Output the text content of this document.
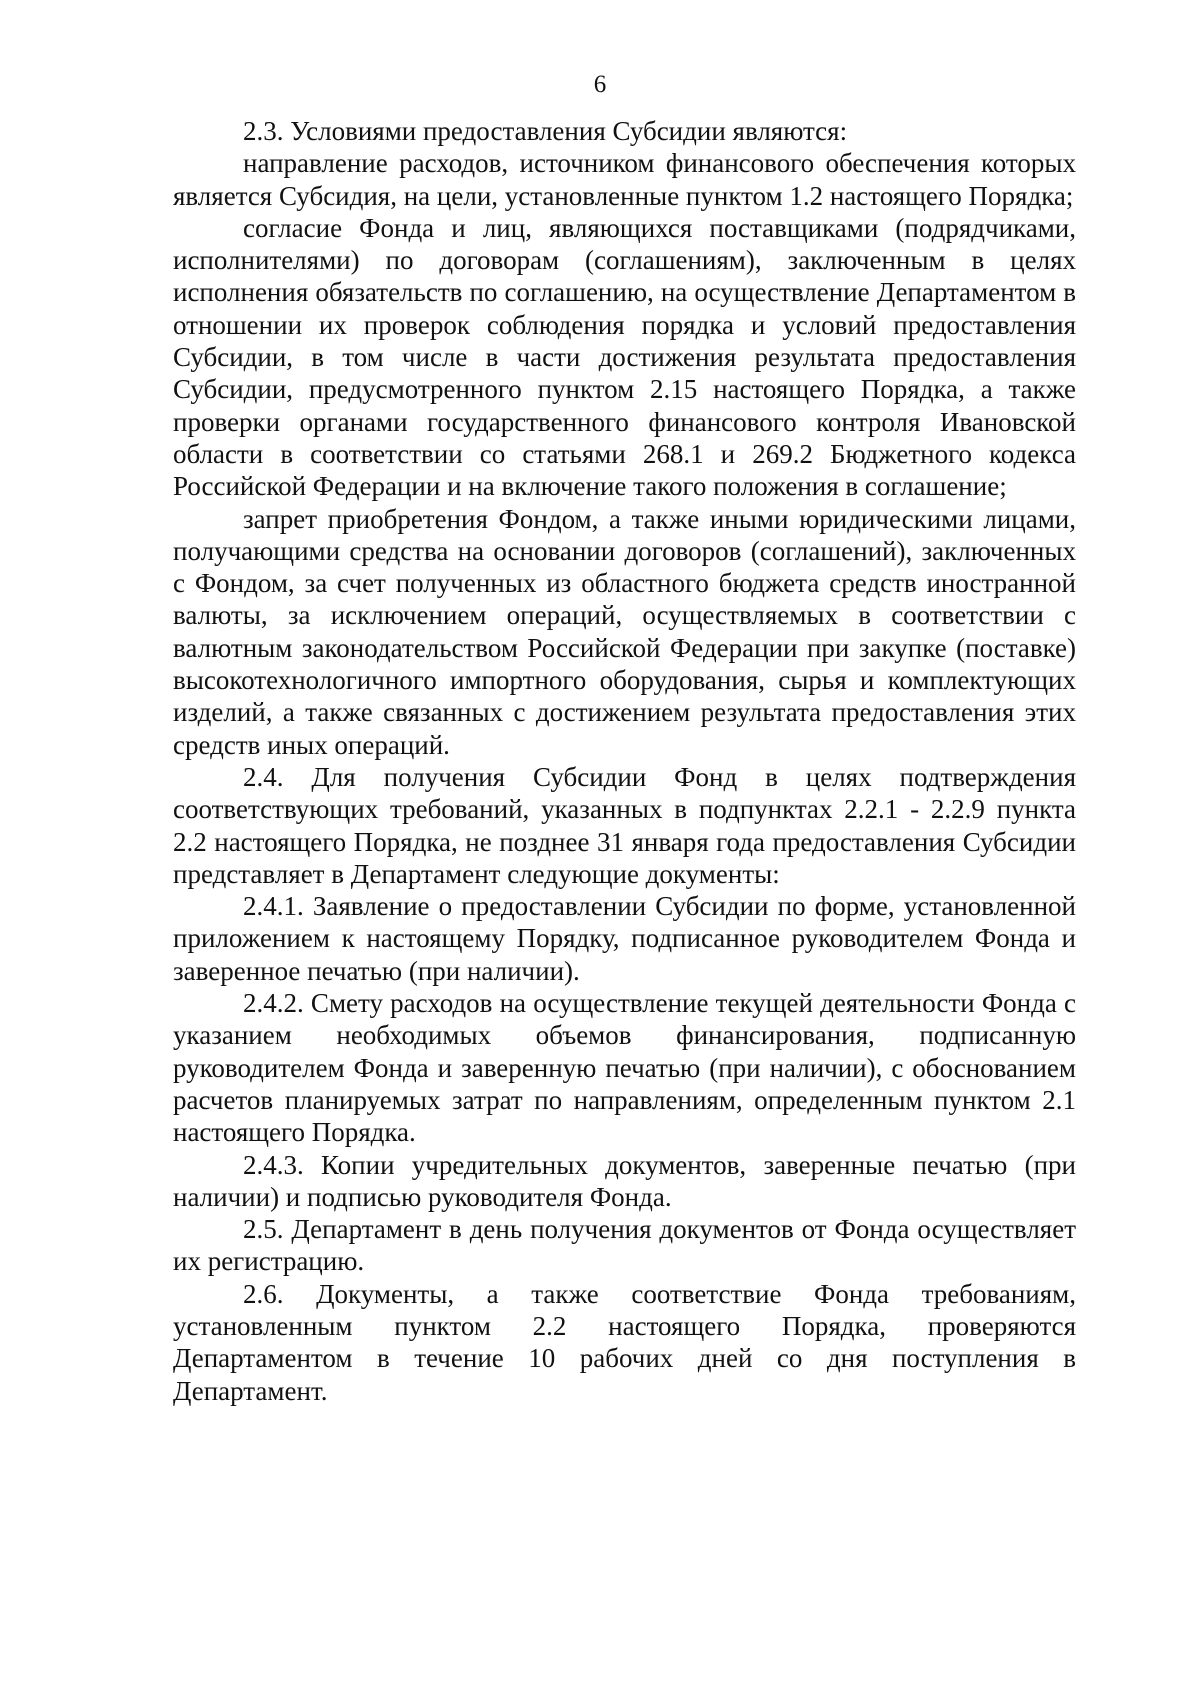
6

2.3. Условиями предоставления Субсидии являются:

направление расходов, источником финансового обеспечения которых является Субсидия, на цели, установленные пунктом 1.2 настоящего Порядка;

согласие Фонда и лиц, являющихся поставщиками (подрядчиками, исполнителями) по договорам (соглашениям), заключенным в целях исполнения обязательств по соглашению, на осуществление Департаментом в отношении их проверок соблюдения порядка и условий предоставления Субсидии, в том числе в части достижения результата предоставления Субсидии, предусмотренного пунктом 2.15 настоящего Порядка, а также проверки органами государственного финансового контроля Ивановской области в соответствии со статьями 268.1 и 269.2 Бюджетного кодекса Российской Федерации и на включение такого положения в соглашение;

запрет приобретения Фондом, а также иными юридическими лицами, получающими средства на основании договоров (соглашений), заключенных с Фондом, за счет полученных из областного бюджета средств иностранной валюты, за исключением операций, осуществляемых в соответствии с валютным законодательством Российской Федерации при закупке (поставке) высокотехнологичного импортного оборудования, сырья и комплектующих изделий, а также связанных с достижением результата предоставления этих средств иных операций.

2.4. Для получения Субсидии Фонд в целях подтверждения соответствующих требований, указанных в подпунктах 2.2.1 - 2.2.9 пункта 2.2 настоящего Порядка, не позднее 31 января года предоставления Субсидии представляет в Департамент следующие документы:

2.4.1. Заявление о предоставлении Субсидии по форме, установленной приложением к настоящему Порядку, подписанное руководителем Фонда и заверенное печатью (при наличии).

2.4.2. Смету расходов на осуществление текущей деятельности Фонда с указанием необходимых объемов финансирования, подписанную руководителем Фонда и заверенную печатью (при наличии), с обоснованием расчетов планируемых затрат по направлениям, определенным пунктом 2.1 настоящего Порядка.

2.4.3. Копии учредительных документов, заверенные печатью (при наличии) и подписью руководителя Фонда.

2.5. Департамент в день получения документов от Фонда осуществляет их регистрацию.

2.6. Документы, а также соответствие Фонда требованиям, установленным пунктом 2.2 настоящего Порядка, проверяются Департаментом в течение 10 рабочих дней со дня поступления в Департамент.
